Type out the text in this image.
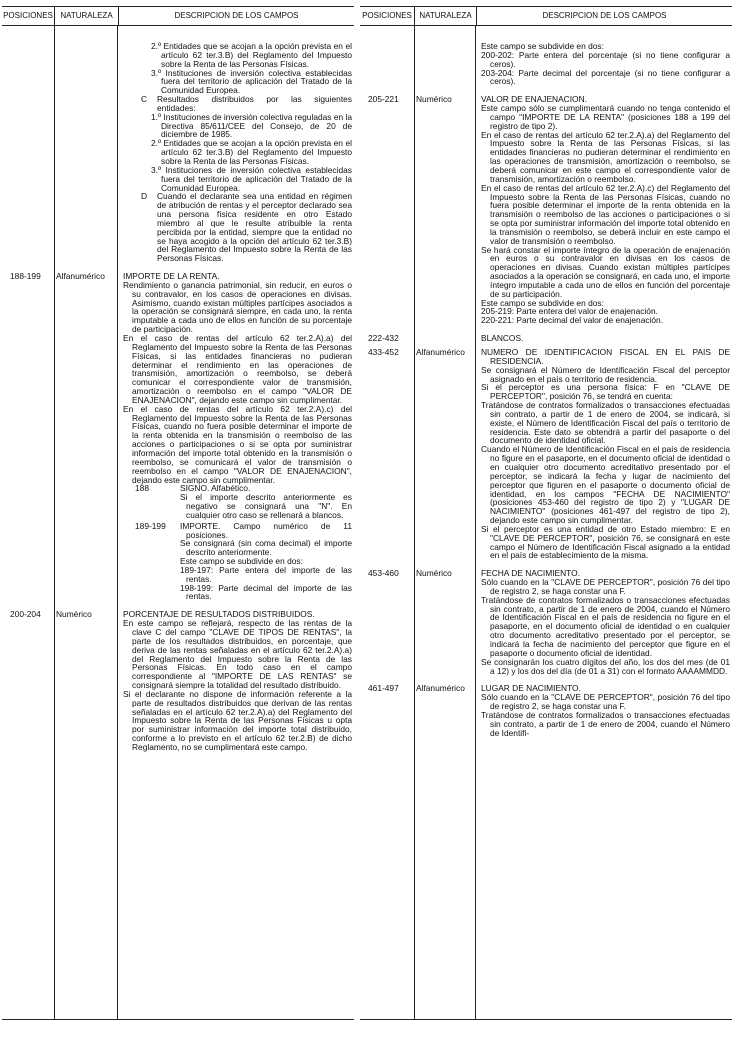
POSICIONES NATURALEZA	DESCRIPCION DE LOS CAMPOS

2.º Entidades que se acojan a la opción prevista en el artículo 62 ter.3.B) del Reglamento del Impuesto sobre la Renta de las Personas Físicas.

3.º Instituciones de inversión colectiva establecidas fuera del territorio de aplicación del Tratado de la Comunidad Europea.

C	Resultados distribuidos por las siguientes entidades:

1.º Instituciones de inversión colectiva reguladas en la Directiva 85/611/CEE del Consejo, de 20 de diciembre de 1985.

2.º Entidades que se acojan a la opción prevista en el artículo 62 ter.3.B) del Reglamento del Impuesto sobre la Renta de las Personas Físicas.

3.º Instituciones de inversión colectiva establecidas fuera del territorio de aplicación del Tratado de la Comunidad Europea.

D	Cuando el declarante sea una entidad en régimen de atribución de rentas y el perceptor declarado sea una persona física residente en otro Estado miembro al que le resulte atribuible la renta percibida por la entidad, siempre que la entidad no se haya acogido a la opción del artículo 62 ter.3.B) del Reglamento del Impuesto sobre la Renta de las Personas Físicas.
188-199	Alfanumérico	IMPORTE DE LA RENTA.

Rendimiento o ganancia patrimonial, sin reducir, en euros o su contravalor, en los casos de operaciones en divisas. Asimismo, cuando existan múltiples partícipes asociados a la operación se consignará siempre, en cada uno, la renta imputable a cada uno de ellos en función de su porcentaje de participación.

En el caso de rentas del artículo 62 ter.2.A).a) del Reglamento del Impuesto sobre la Renta de las Personas Físicas, si las entidades financieras no pudieran determinar el rendimiento en las operaciones de transmisión, amortización o reembolso, se deberá comunicar el correspondiente valor de transmisión, amortización o reembolso en el campo "VALOR DE ENAJENACION", dejando este campo sin cumplimentar.

En el caso de rentas del artículo 62 ter.2.A).c) del Reglamento del Impuesto sobre la Renta de las Personas Físicas, cuando no fuera posible determinar el importe de la renta obtenida en la transmisión o reembolso de las acciones o participaciones o si se opta por suministrar información del importe total obtenido en la transmisión o reembolso, se comunicará el valor de transmisión o reembolso en el campo "VALOR DE ENAJENACION", dejando este campo sin cumplimentar.

188	SIGNO. Alfabético.

Si el importe descrito anteriormente es negativo se consignará una "N". En cualquier otro caso se rellenará a blancos.

189-199	IMPORTE. Campo numérico de 11 posiciones.

Se consignará (sin coma decimal) el importe descrito anteriormente.

Este campo se subdivide en dos:

189-197: Parte entera del importe de las rentas.

198-199: Parte decimal del importe de las rentas.

200-204	Numérico	PORCENTAJE DE RESULTADOS DISTRIBUIDOS.

En este campo se reflejará, respecto de las rentas de la clave C del campo "CLAVE DE TIPOS DE RENTAS", la parte de los resultados distribuidos, en porcentaje, que deriva de las rentas señaladas en el artículo 62 ter.2.A).a) del Reglamento del Impuesto sobre la Renta de las Personas Físicas. En todo caso en el campo correspondiente al "IMPORTE DE LAS RENTAS" se consignará siempre la totalidad del resultado distribuido.

Si el declarante no dispone de información referente a la parte de resultados distribuidos que derivan de las rentas señaladas en el artículo 62 ter.2.A).a) del Reglamento del Impuesto sobre la Renta de las Personas Físicas u opta por suministrar información del importe total distribuido, conforme a lo previsto en el artículo 62 ter.2.B) de dicho Reglamento, no se cumplimentará este campo.

POSICIONES NATURALEZA	DESCRIPCION DE LOS CAMPOS

Este campo se subdivide en dos:

200-202: Parte entera del porcentaje (si no tiene configurar a ceros).

203-204: Parte decimal del porcentaje (si no tiene configurar a ceros).

205-221	Numérico	VALOR DE ENAJENACION.

Este campo sólo se cumplimentará cuando no tenga contenido el campo "IMPORTE DE LA RENTA" (posiciones 188 a 199 del registro de tipo 2).

En el caso de rentas del artículo 62 ter.2.A).a) del Reglamento del Impuesto sobre la Renta de las Personas Físicas, si las entidades financieras no pudieran determinar el rendimiento en las operaciones de transmisión, amortización o reembolso, se deberá comunicar en este campo el correspondiente valor de transmisión, amortización o reembolso.

En el caso de rentas del artículo 62 ter.2.A).c) del Reglamento del Impuesto sobre la Renta de las Personas Físicas, cuando no fuera posible determinar el importe de la renta obtenida en la transmisión o reembolso de las acciones o participaciones o si se opta por suministrar información del importe total obtenido en la transmisión o reembolso, se deberá incluir en este campo el valor de transmisión o reembolso.

Se hará constar el importe íntegro de la operación de enajenación en euros o su contravalor en divisas en los casos de operaciones en divisas. Cuando existan múltiples partícipes asociados a la operación se consignará, en cada uno, el importe íntegro imputable a cada uno de ellos en función del porcentaje de su participación.

Este campo se subdivide en dos:

205-219: Parte entera del valor de enajenación.

220-221: Parte decimal del valor de enajenación.

222-432	BLANCOS.
433-452	Alfanumérico	NUMERO DE IDENTIFICACION FISCAL EN EL PAIS DE RESIDENCIA.

Se consignará el Número de Identificación Fiscal del perceptor asignado en el país o territorio de residencia.

Si el perceptor es una persona física: F en "CLAVE DE PERCEPTOR", posición 76, se tendrá en cuenta:

Tratándose de contratos formalizados o transacciones efectuadas sin contrato, a partir de 1 de enero de 2004, se indicará, si existe, el Número de Identificación Fiscal del país o territorio de residencia. Este dato se obtendrá a partir del pasaporte o del documento de identidad oficial.

Cuando el Número de Identificación Fiscal en el país de residencia no figure en el pasaporte, en el documento oficial de identidad o en cualquier otro documento acreditativo presentado por el perceptor, se indicará la fecha y lugar de nacimiento del perceptor que figuren en el pasaporte o documento oficial de identidad, en los campos "FECHA DE NACIMIENTO" (posiciones 453-460 del registro de tipo 2) y "LUGAR DE NACIMIENTO" (posiciones 461-497 del registro de tipo 2), dejando este campo sin cumplimentar.

Si el perceptor es una entidad de otro Estado miembro: E en "CLAVE DE PERCEPTOR", posición 76, se consignará en este campo el Número de Identificación Fiscal asignado a la entidad en el país de establecimiento de la misma.

453-460	Numérico	FECHA DE NACIMIENTO.

Sólo cuando en la "CLAVE DE PERCEPTOR", posición 76 del tipo de registro 2, se haga constar una F.

Tratándose de contratos formalizados o transacciones efectuadas sin contrato, a partir de 1 de enero de 2004, cuando el Número de Identificación Fiscal en el país de residencia no figure en el pasaporte, en el documento oficial de identidad o en cualquier otro documento acreditativo presentado por el perceptor, se indicará la fecha de nacimiento del perceptor que figure en el pasaporte o documento oficial de identidad.

Se consignarán los cuatro dígitos del año, los dos del mes (de 01 a 12) y los dos del día (de 01 a 31) con el formato AAAAMMDD.

461-497	Alfanumérico	LUGAR DE NACIMIENTO.

Sólo cuando en la "CLAVE DE PERCEPTOR", posición 76 del tipo de registro 2, se haga constar una F.

Tratándose de contratos formalizados o transacciones efectuadas sin contrato, a partir de 1 de enero de 2004, cuando el Número de Identifi-
